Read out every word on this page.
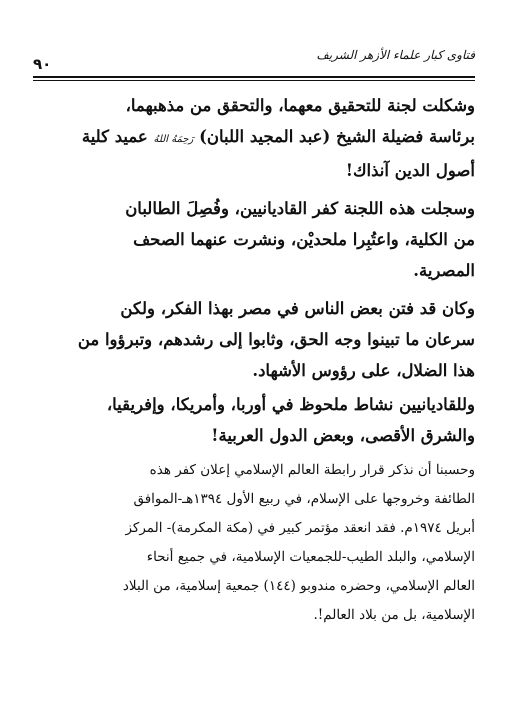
فتاوى كبار علماء الأزهر الشريف
٩٠

وشكلت لجنة للتحقيق معهما، والتحقق من مذهبهما،
برئاسة فضيلة الشيخ (عبد المجيد اللبان) رَحِمَهُ اللهُ عميد كلية
أصول الدين آنذاك!

وسجلت هذه اللجنة كفر القاديانيين، وفُصِلَ الطالبان
من الكلية، واعتُبِرا ملحديْن، ونشرت عنهما الصحف
المصرية.

وكان قد فتن بعض الناس في مصر بهذا الفكر، ولكن
سرعان ما تبينوا وجه الحق، وثابوا إلى رشدهم، وتبرؤوا من
هذا الضلال، على رؤوس الأشهاد.

وللقاديانيين نشاط ملحوظ في أوربا، وأمريكا، وإفريقيا،
والشرق الأقصى، وبعض الدول العربية!

وحسبنا أن نذكر قرار رابطة العالم الإسلامي إعلان كفر هذه
الطائفة وخروجها على الإسلام، في ربيع الأول ١٣٩٤هـ-الموافق
أبريل ١٩٧٤م. فقد انعقد مؤتمر كبير في (مكة المكرمة)- المركز
الإسلامي، والبلد الطيب-للجمعيات الإسلامية، في جميع أنحاء
العالم الإسلامي، وحضره مندوبو (١٤٤) جمعية إسلامية، من البلاد
الإسلامية، بل من بلاد العالم!.
